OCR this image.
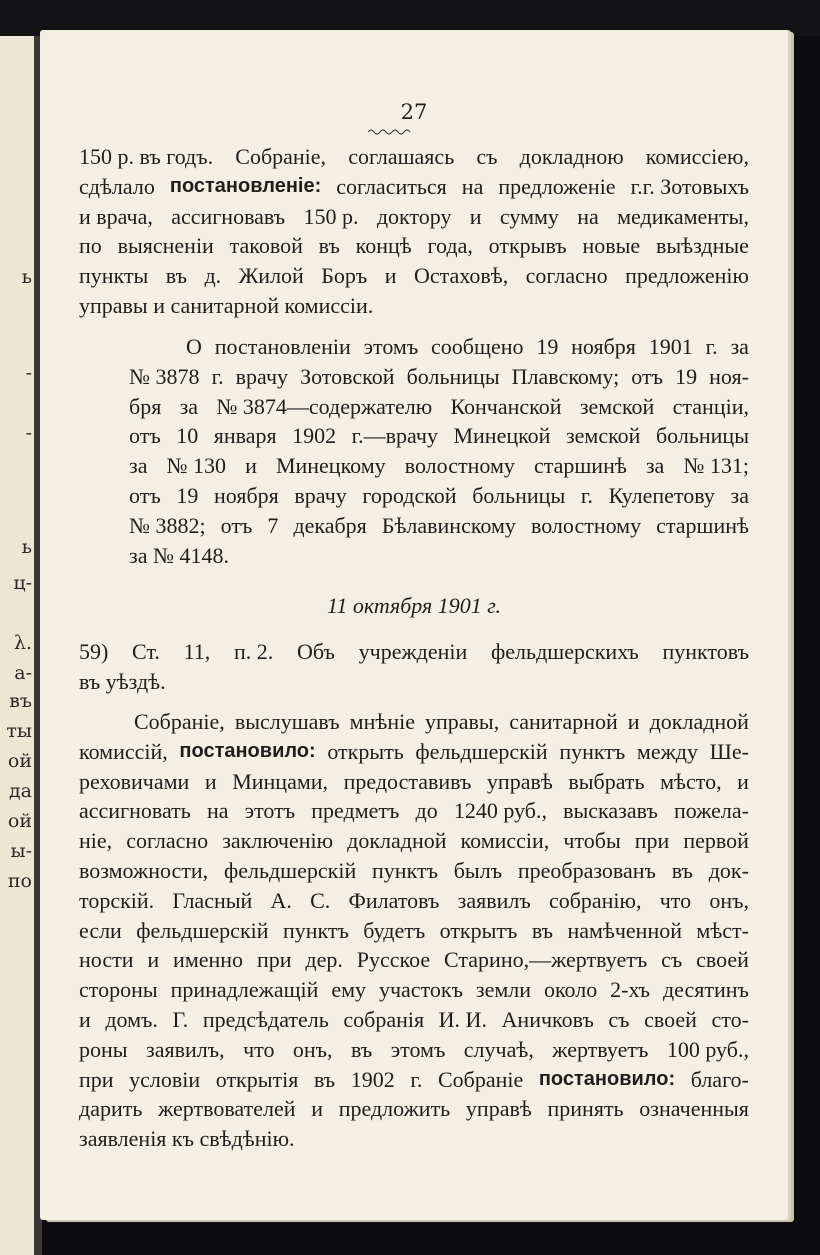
ь
-
-
ь
ц-
λ.
а-
въ
ты
ой
да
ой
ы-
по
27
150 р. въ годъ. Собраніе, соглашаясь съ докладною комиссіею,
сдѣлало постановленіе: согласиться на предложеніе г.г. Зотовыхъ
и врача, ассигновавъ 150 р. доктору и сумму на медикаменты,
по выясненіи таковой въ концѣ года, открывъ новые выѣздные
пункты въ д. Жилой Боръ и Остаховѣ, согласно предложенію
управы и санитарной комиссіи.
О постановленіи этомъ сообщено 19 ноября 1901 г. за
№ 3878 г. врачу Зотовской больницы Плавскому; отъ 19 ноя-
бря за № 3874—содержателю Кончанской земской станціи,
отъ 10 января 1902 г.—врачу Минецкой земской больницы
за № 130 и Минецкому волостному старшинѣ за № 131;
отъ 19 ноября врачу городской больницы г. Кулепетову за
№ 3882; отъ 7 декабря Бѣлавинскому волостному старшинѣ
за № 4148.
11 октября 1901 г.
59) Ст. 11, п. 2. Объ учрежденіи фельдшерскихъ пунктовъ
въ уѣздѣ.
Собраніе, выслушавъ мнѣніе управы, санитарной и докладной
комиссій, постановило: открыть фельдшерскій пунктъ между Ше-
реховичами и Минцами, предоставивъ управѣ выбрать мѣсто, и
ассигновать на этотъ предметъ до 1240 руб., высказавъ пожела-
ніе, согласно заключенію докладной комиссіи, чтобы при первой
возможности, фельдшерскій пунктъ былъ преобразованъ въ док-
торскій. Гласный А. С. Филатовъ заявилъ собранію, что онъ,
если фельдшерскій пунктъ будетъ открытъ въ намѣченной мѣст-
ности и именно при дер. Русское Старино,—жертвуетъ съ своей
стороны принадлежащій ему участокъ земли около 2-хъ десятинъ
и домъ. Г. предсѣдатель собранія И. И. Аничковъ съ своей сто-
роны заявилъ, что онъ, въ этомъ случаѣ, жертвуетъ 100 руб.,
при условіи открытія въ 1902 г. Собраніе постановило: благо-
дарить жертвователей и предложить управѣ принять означенныя
заявленія къ свѣдѣнію.
